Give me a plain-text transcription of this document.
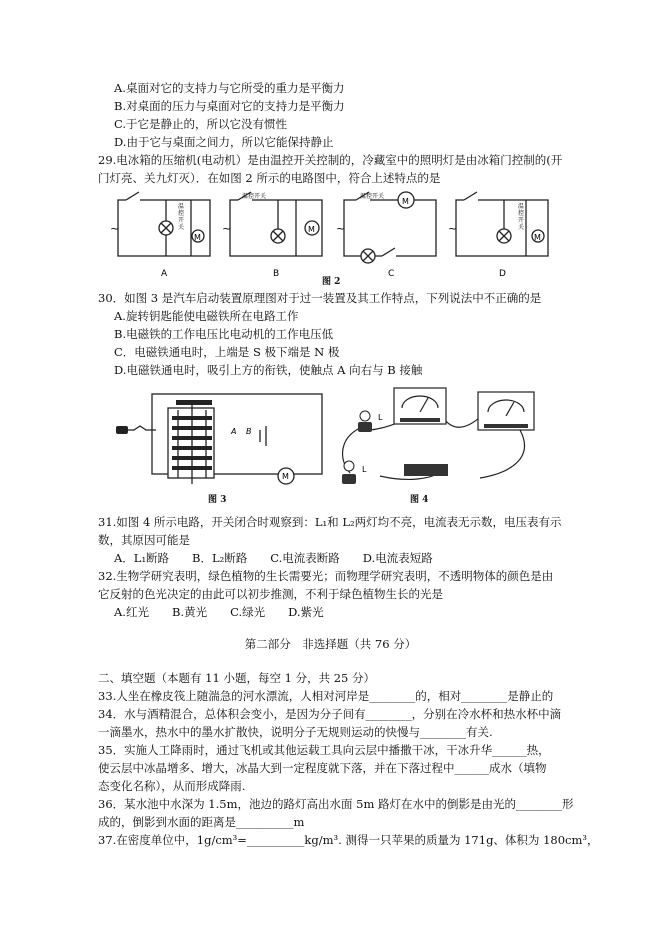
A.桌面对它的支持力与它所受的重力是平衡力
B.对桌面的压力与桌面对它的支持力是平衡力
C.于它是静止的，所以它没有惯性
D.由于它与桌面之间力，所以它能保持静止
29.电冰箱的压缩机(电动机）是由温控开关控制的，冷藏室中的照明灯是由冰箱门控制的(开
门灯亮、关九灯灭）．在如图 2 所示的电路图中，符合上述特点的是
~	~	~	~
M
M
M
M
温控开关	温控开关
A	B	C	D
温控开关
温控开关
图 2
30．如图 3 是汽车启动装置原理图对于过一装置及其工作特点，下列说法中不正确的是
A.旋转钥匙能使电磁铁所在电路工作
B.电磁铁的工作电压比电动机的工作电压低
C．电磁铁通电时，上端是 S 极下端是 N 极
D.电磁铁通电时，吸引上方的衔铁，使触点 A 向右与 B 接触
A B
M
图 3
L
L
图 4
31.如图 4 所示电路，开关闭合时观察到：L₁和 L₂两灯均不亮，电流表无示数，电压表有示
数，其原因可能是
A．L₁断路　　B．L₂断路　　C.电流表断路　　D.电流表短路
32.生物学研究表明，绿色植物的生长需要光；而物理学研究表明，不透明物体的颜色是由
它反射的色光决定的由此可以初步推测，不利于绿色植物生长的光是
A.红光　　B.黄光　　C.绿光　　D.紫光
第二部分　非选择题（共 76 分）
二、填空题（本题有 11 小题，每空 1 分，共 25 分）
33.人坐在橡皮筏上随湍急的河水漂流，人相对河岸是________的，相对________是静止的
34．水与酒精混合，总体积会变小，是因为分子间有________，分别在冷水杯和热水杯中滴
一滴墨水，热水中的墨水扩散快，说明分子无规则运动的快慢与________有关.
35．实施人工降雨时，通过飞机或其他运载工具向云层中播撒干冰，干冰升华______热，
使云层中冰晶增多、增大，冰晶大到一定程度就下落，并在下落过程中______成水（填物
态变化名称），从而形成降雨.
36．某水池中水深为 1.5m，池边的路灯高出水面 5m 路灯在水中的倒影是由光的________形
成的，倒影到水面的距离是__________m
37.在密度单位中，1g/cm³=__________kg/m³. 测得一只苹果的质量为 171g、体积为 180cm³，
